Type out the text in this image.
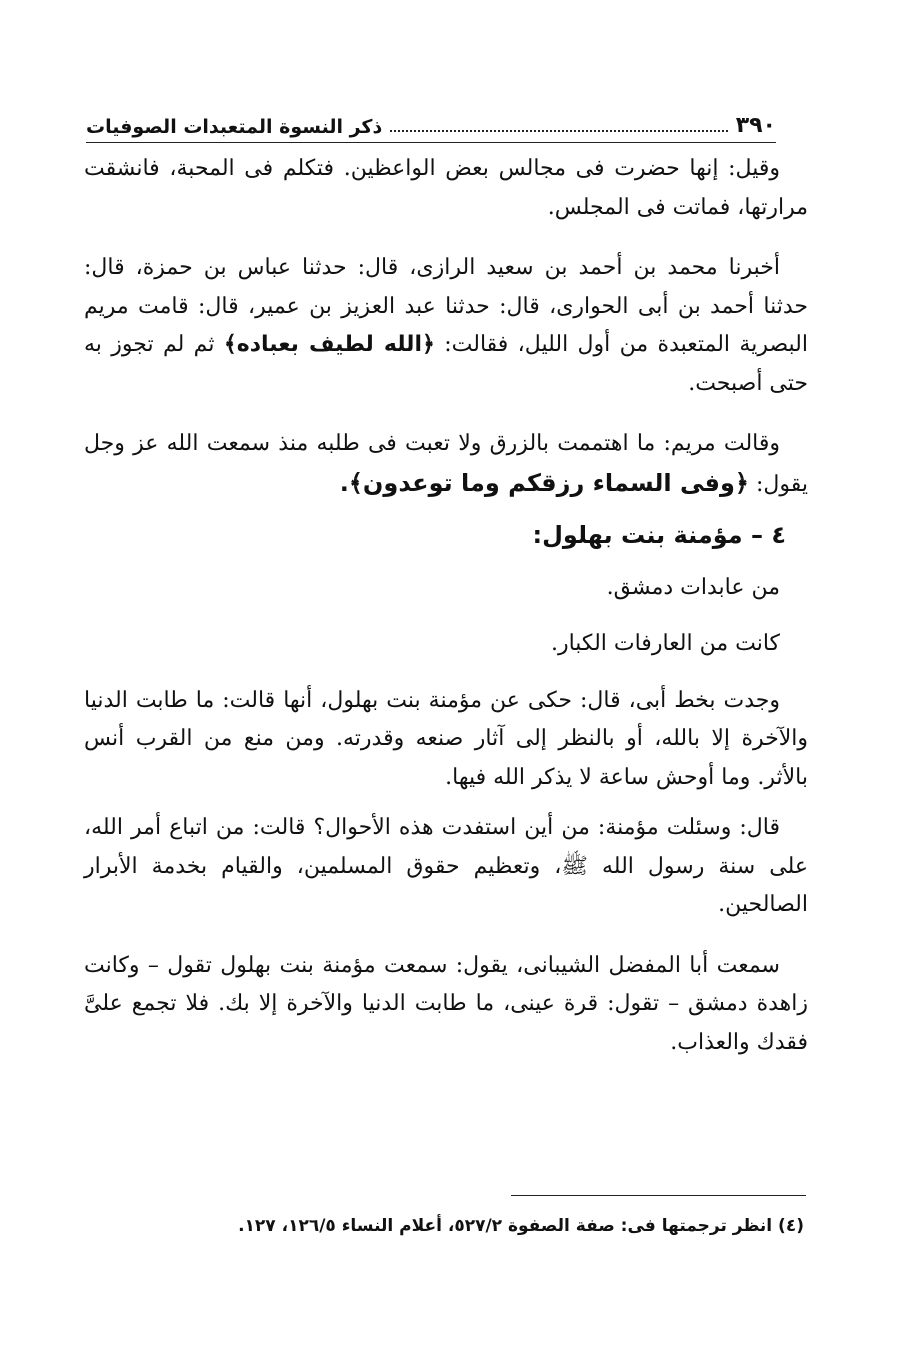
٣٩٠
ذكر النسوة المتعبدات الصوفيات

وقيل: إنها حضرت فى مجالس بعض الواعظين. فتكلم فى المحبة، فانشقت مرارتها، فماتت فى المجلس.

أخبرنا محمد بن أحمد بن سعيد الرازى، قال: حدثنا عباس بن حمزة، قال: حدثنا أحمد بن أبى الحوارى، قال: حدثنا عبد العزيز بن عمير، قال: قامت مريم البصرية المتعبدة من أول الليل، فقالت: ﴿الله لطيف بعباده﴾ ثم لم تجوز به حتى أصبحت.

وقالت مريم: ما اهتممت بالزرق ولا تعبت فى طلبه منذ سمعت الله عز وجل يقول: ﴿وفى السماء رزقكم وما توعدون﴾.

٤ – مؤمنة بنت بهلول:

من عابدات دمشق.

كانت من العارفات الكبار.

وجدت بخط أبى، قال: حكى عن مؤمنة بنت بهلول، أنها قالت: ما طابت الدنيا والآخرة إلا بالله، أو بالنظر إلى آثار صنعه وقدرته. ومن منع من القرب أنس بالأثر. وما أوحش ساعة لا يذكر الله فيها.

قال: وسئلت مؤمنة: من أين استفدت هذه الأحوال؟ قالت: من اتباع أمر الله، على سنة رسول الله ﷺ، وتعظيم حقوق المسلمين، والقيام بخدمة الأبرار الصالحين.

سمعت أبا المفضل الشيبانى، يقول: سمعت مؤمنة بنت بهلول تقول – وكانت زاهدة دمشق – تقول: قرة عينى، ما طابت الدنيا والآخرة إلا بك. فلا تجمع علىَّ فقدك والعذاب.

(٤) انظر ترجمتها فى: صفة الصفوة ٥٢٧/٢، أعلام النساء ١٢٦/٥، ١٢٧.
